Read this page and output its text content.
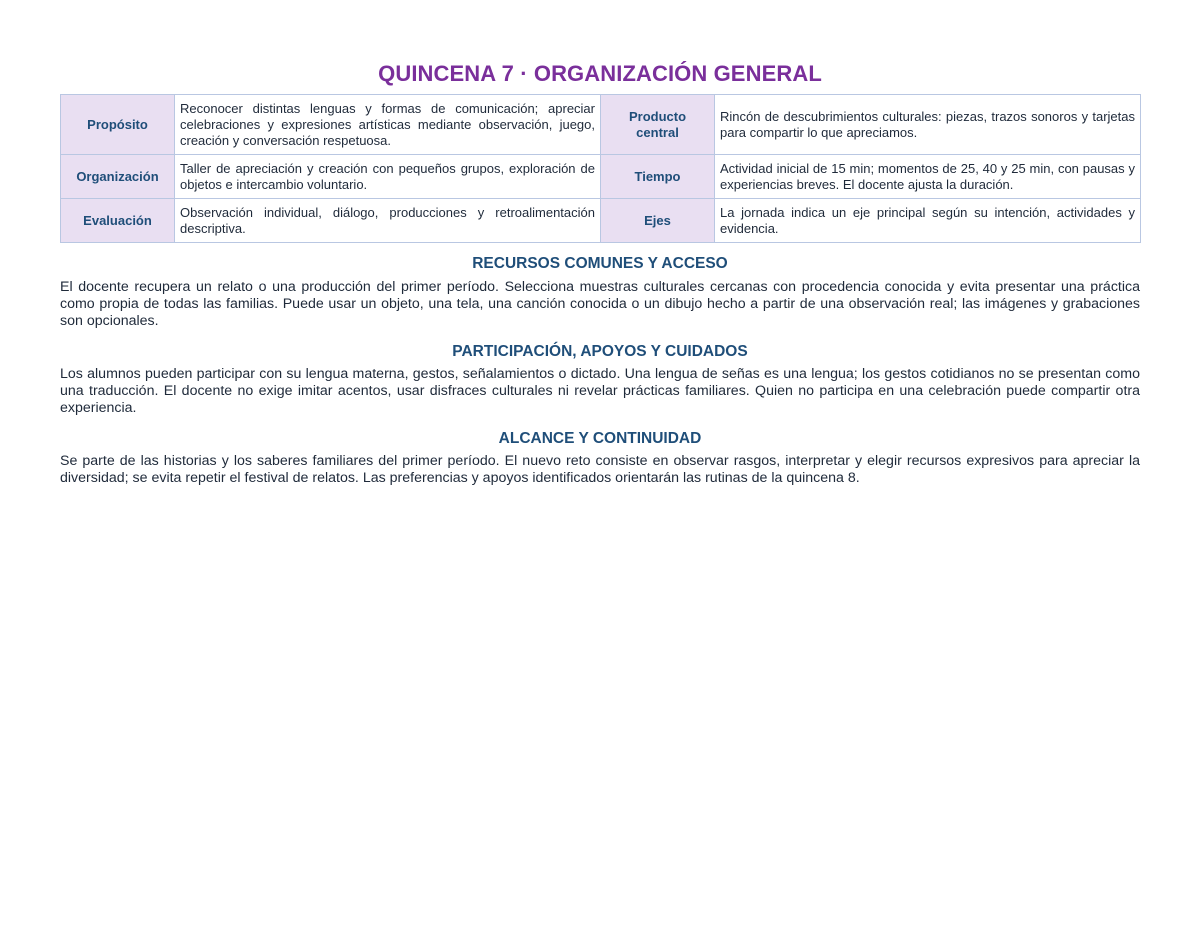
QUINCENA 7 · ORGANIZACIÓN GENERAL
Propósito	Reconocer distintas lenguas y formas de comunicación; apreciar celebraciones y expresiones artísticas mediante observación, juego, creación y conversación respetuosa.	Producto central	Rincón de descubrimientos culturales: piezas, trazos sonoros y tarjetas para compartir lo que apreciamos.
Organización	Taller de apreciación y creación con pequeños grupos, exploración de objetos e intercambio voluntario.	Tiempo	Actividad inicial de 15 min; momentos de 25, 40 y 25 min, con pausas y experiencias breves. El docente ajusta la duración.
Evaluación	Observación individual, diálogo, producciones y retroalimentación descriptiva.	Ejes	La jornada indica un eje principal según su intención, actividades y evidencia.
RECURSOS COMUNES Y ACCESO

El docente recupera un relato o una producción del primer período. Selecciona muestras culturales cercanas con procedencia conocida y evita presentar una práctica como propia de todas las familias. Puede usar un objeto, una tela, una canción conocida o un dibujo hecho a partir de una observación real; las imágenes y grabaciones son opcionales.

PARTICIPACIÓN, APOYOS Y CUIDADOS

Los alumnos pueden participar con su lengua materna, gestos, señalamientos o dictado. Una lengua de señas es una lengua; los gestos cotidianos no se presentan como una traducción. El docente no exige imitar acentos, usar disfraces culturales ni revelar prácticas familiares. Quien no participa en una celebración puede compartir otra experiencia.

ALCANCE Y CONTINUIDAD

Se parte de las historias y los saberes familiares del primer período. El nuevo reto consiste en observar rasgos, interpretar y elegir recursos expresivos para apreciar la diversidad; se evita repetir el festival de relatos. Las preferencias y apoyos identificados orientarán las rutinas de la quincena 8.
